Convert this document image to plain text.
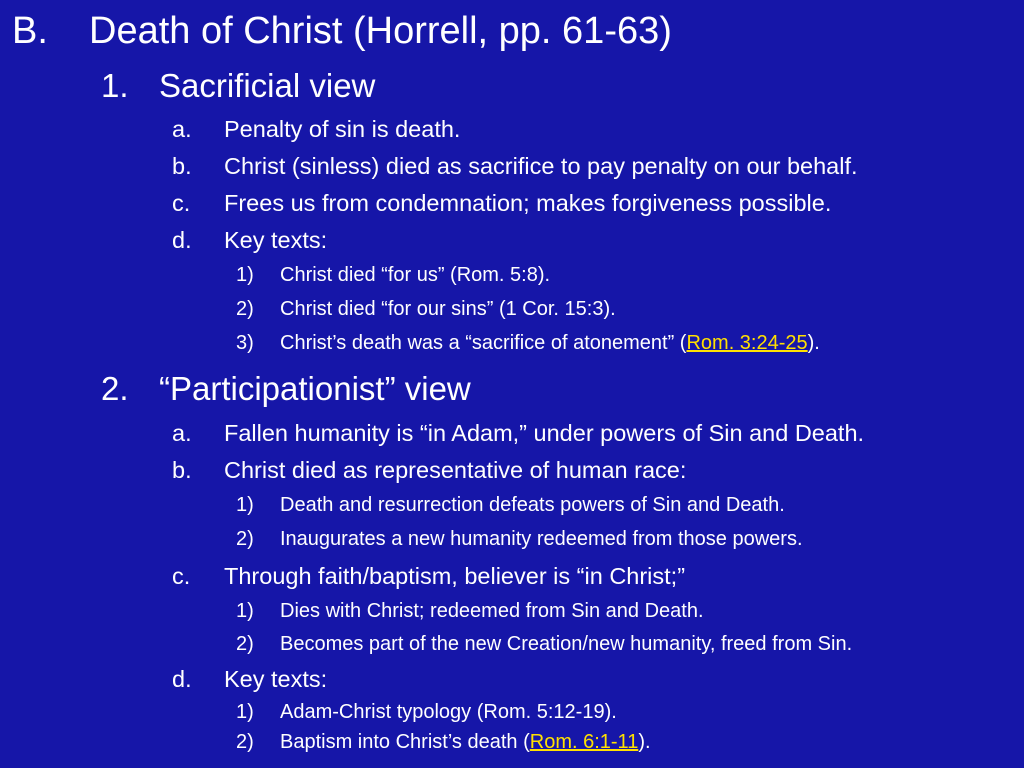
B. Death of Christ (Horrell, pp. 61-63)
1. Sacrificial view
a. Penalty of sin is death.
b. Christ (sinless) died as sacrifice to pay penalty on our behalf.
c. Frees us from condemnation; makes forgiveness possible.
d. Key texts:
1) Christ died “for us” (Rom. 5:8).
2) Christ died “for our sins” (1 Cor. 15:3).
3) Christ’s death was a “sacrifice of atonement” (Rom. 3:24-25).
2. “Participationist” view
a. Fallen humanity is “in Adam,” under powers of Sin and Death.
b. Christ died as representative of human race:
1) Death and resurrection defeats powers of Sin and Death.
2) Inaugurates a new humanity redeemed from those powers.
c. Through faith/baptism, believer is “in Christ;”
1) Dies with Christ; redeemed from Sin and Death.
2) Becomes part of the new Creation/new humanity, freed from Sin.
d. Key texts:
1) Adam-Christ typology (Rom. 5:12-19).
2) Baptism into Christ’s death (Rom. 6:1-11).
